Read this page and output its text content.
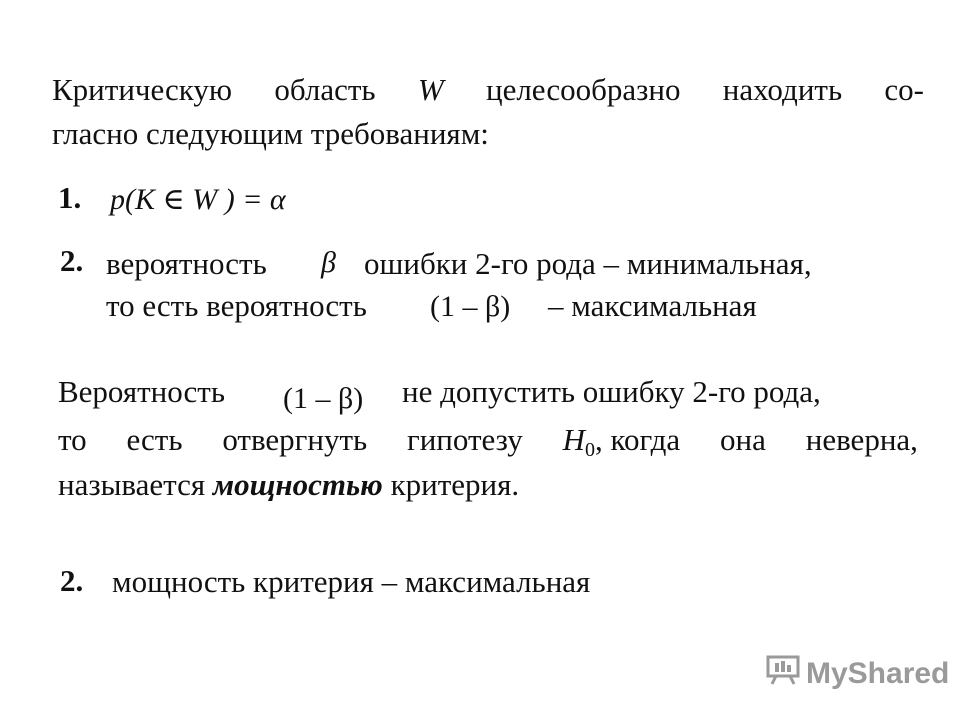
Критическую область W целесообразно находить со-
гласно следующим требованиям:
1. p(K ∈ W ) = α
2. вероятность β ошибки 2-го рода – минимальная,
то есть вероятность (1 – β) – максимальная
Вероятность (1 – β) не допустить ошибку 2-го рода,
то есть отвергнуть гипотезу $H_0$, когда она неверна,
называется мощностью критерия.
2. мощность критерия – максимальная
MyShared
